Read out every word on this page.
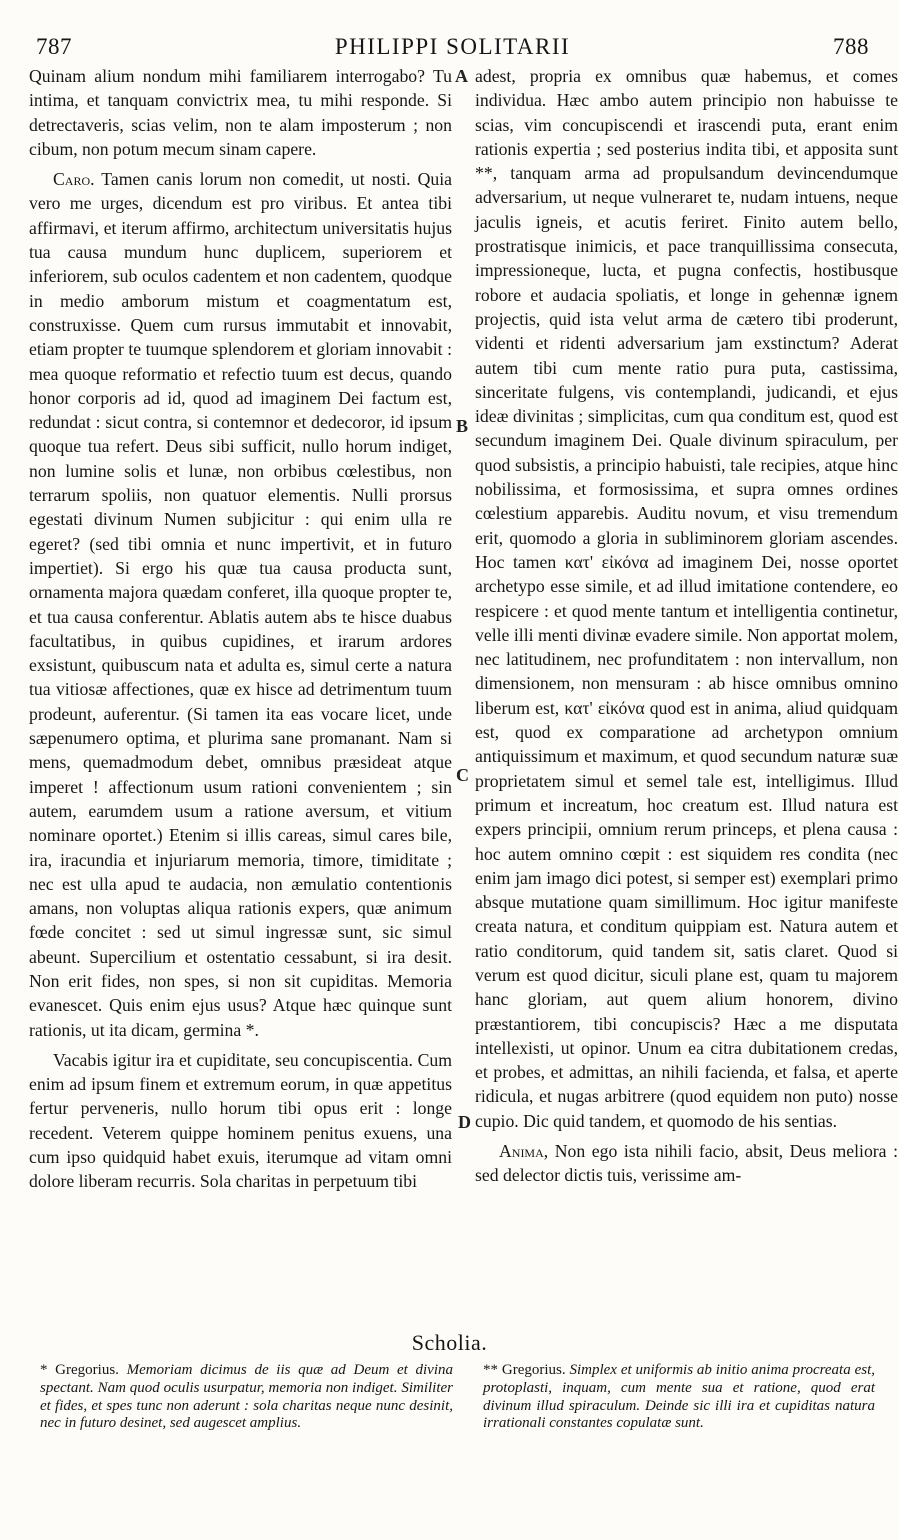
787	PHILIPPI SOLITARII	788
A
B
C
D

Quinam alium nondum mihi familiarem interrogabo? Tu intima, et tanquam convictrix mea, tu mihi responde. Si detrectaveris, scias velim, non te alam imposterum ; non cibum, non potum mecum sinam capere.

Caro. Tamen canis lorum non comedit, ut nosti. Quia vero me urges, dicendum est pro viribus. Et antea tibi affirmavi, et iterum affirmo, architectum universitatis hujus tua causa mundum hunc duplicem, superiorem et inferiorem, sub oculos cadentem et non cadentem, quodque in medio amborum mistum et coagmentatum est, construxisse. Quem cum rursus immutabit et innovabit, etiam propter te tuumque splendorem et gloriam innovabit : mea quoque reformatio et refectio tuum est decus, quando honor corporis ad id, quod ad imaginem Dei factum est, redundat : sicut contra, si contemnor et dedecoror, id ipsum quoque tua refert. Deus sibi sufficit, nullo horum indiget, non lumine solis et lunæ, non orbibus cœlestibus, non terrarum spoliis, non quatuor elementis. Nulli prorsus egestati divinum Numen subjicitur : qui enim ulla re egeret? (sed tibi omnia et nunc impertivit, et in futuro impertiet). Si ergo his quæ tua causa producta sunt, ornamenta majora quædam conferet, illa quoque propter te, et tua causa conferentur. Ablatis autem abs te hisce duabus facultatibus, in quibus cupidines, et irarum ardores exsistunt, quibuscum nata et adulta es, simul certe a natura tua vitiosæ affectiones, quæ ex hisce ad detrimentum tuum prodeunt, auferentur. (Si tamen ita eas vocare licet, unde sæpenumero optima, et plurima sane promanant. Nam si mens, quemadmodum debet, omnibus præsideat atque imperet ! affectionum usum rationi convenientem ; sin autem, earumdem usum a ratione aversum, et vitium nominare oportet.) Etenim si illis careas, simul cares bile, ira, iracundia et injuriarum memoria, timore, timiditate ; nec est ulla apud te audacia, non æmulatio contentionis amans, non voluptas aliqua rationis expers, quæ animum fœde concitet : sed ut simul ingressæ sunt, sic simul abeunt. Supercilium et ostentatio cessabunt, si ira desit. Non erit fides, non spes, si non sit cupiditas. Memoria evanescet. Quis enim ejus usus? Atque hæc quinque sunt rationis, ut ita dicam, germina *.

Vacabis igitur ira et cupiditate, seu concupiscentia. Cum enim ad ipsum finem et extremum eorum, in quæ appetitus fertur perveneris, nullo horum tibi opus erit : longe recedent. Veterem quippe hominem penitus exuens, una cum ipso quidquid habet exuis, iterumque ad vitam omni dolore liberam recurris. Sola charitas in perpetuum tibi

adest, propria ex omnibus quæ habemus, et comes individua. Hæc ambo autem principio non habuisse te scias, vim concupiscendi et irascendi puta, erant enim rationis expertia ; sed posterius indita tibi, et apposita sunt **, tanquam arma ad propulsandum devincendumque adversarium, ut neque vulneraret te, nudam intuens, neque jaculis igneis, et acutis feriret. Finito autem bello, prostratisque inimicis, et pace tranquillissima consecuta, impressioneque, lucta, et pugna confectis, hostibusque robore et audacia spoliatis, et longe in gehennæ ignem projectis, quid ista velut arma de cætero tibi proderunt, videnti et ridenti adversarium jam exstinctum? Aderat autem tibi cum mente ratio pura puta, castissima, sinceritate fulgens, vis contemplandi, judicandi, et ejus ideæ divinitas ; simplicitas, cum qua conditum est, quod est secundum imaginem Dei. Quale divinum spiraculum, per quod subsistis, a principio habuisti, tale recipies, atque hinc nobilissima, et formosissima, et supra omnes ordines cœlestium apparebis. Auditu novum, et visu tremendum erit, quomodo a gloria in subliminorem gloriam ascendes. Hoc tamen κατ' εἰκόνα ad imaginem Dei, nosse oportet archetypo esse simile, et ad illud imitatione contendere, eo respicere : et quod mente tantum et intelligentia continetur, velle illi menti divinæ evadere simile. Non apportat molem, nec latitudinem, nec profunditatem : non intervallum, non dimensionem, non mensuram : ab hisce omnibus omnino liberum est, κατ' εἰκόνα quod est in anima, aliud quidquam est, quod ex comparatione ad archetypon omnium antiquissimum et maximum, et quod secundum naturæ suæ proprietatem simul et semel tale est, intelligimus. Illud primum et increatum, hoc creatum est. Illud natura est expers principii, omnium rerum princeps, et plena causa : hoc autem omnino cœpit : est siquidem res condita (nec enim jam imago dici potest, si semper est) exemplari primo absque mutatione quam simillimum. Hoc igitur manifeste creata natura, et conditum quippiam est. Natura autem et ratio conditorum, quid tandem sit, satis claret. Quod si verum est quod dicitur, siculi plane est, quam tu majorem hanc gloriam, aut quem alium honorem, divino præstantiorem, tibi concupiscis? Hæc a me disputata intellexisti, ut opinor. Unum ea citra dubitationem credas, et probes, et admittas, an nihili facienda, et falsa, et aperte ridicula, et nugas arbitrere (quod equidem non puto) nosse cupio. Dic quid tandem, et quomodo de his sentias.

Anima, Non ego ista nihili facio, absit, Deus meliora : sed delector dictis tuis, verissime am-

Scholia.
* Gregorius. Memoriam dicimus de iis quæ ad Deum et divina spectant. Nam quod oculis usurpatur, memoria non indiget. Similiter et fides, et spes tunc non aderunt : sola charitas neque nunc desinit, nec in futuro desinet, sed augescet amplius.
** Gregorius. Simplex et uniformis ab initio anima procreata est, protoplasti, inquam, cum mente sua et ratione, quod erat divinum illud spiraculum. Deinde sic illi ira et cupiditas natura irrationali constantes copulatæ sunt.
